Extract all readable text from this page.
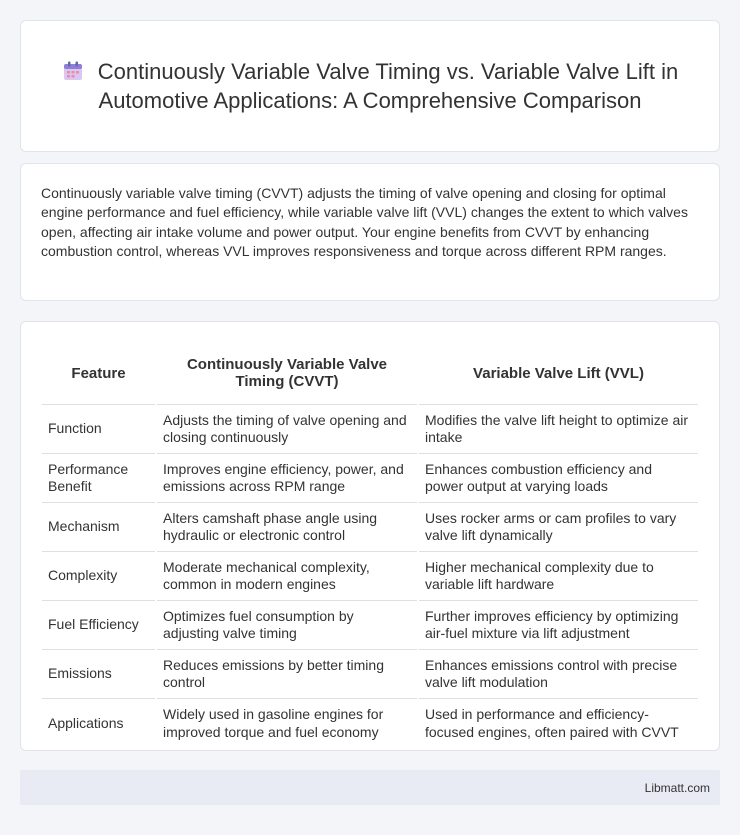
Continuously Variable Valve Timing vs. Variable Valve Lift in Automotive Applications: A Comprehensive Comparison

Continuously variable valve timing (CVVT) adjusts the timing of valve opening and closing for optimal engine performance and fuel efficiency, while variable valve lift (VVL) changes the extent to which valves open, affecting air intake volume and power output. Your engine benefits from CVVT by enhancing combustion control, whereas VVL improves responsiveness and torque across different RPM ranges.

Feature	Continuously Variable Valve Timing (CVVT)	Variable Valve Lift (VVL)
Function	Adjusts the timing of valve opening and closing continuously	Modifies the valve lift height to optimize air intake
Performance Benefit	Improves engine efficiency, power, and emissions across RPM range	Enhances combustion efficiency and power output at varying loads
Mechanism	Alters camshaft phase angle using hydraulic or electronic control	Uses rocker arms or cam profiles to vary valve lift dynamically
Complexity	Moderate mechanical complexity, common in modern engines	Higher mechanical complexity due to variable lift hardware
Fuel Efficiency	Optimizes fuel consumption by adjusting valve timing	Further improves efficiency by optimizing air-fuel mixture via lift adjustment
Emissions	Reduces emissions by better timing control	Enhances emissions control with precise valve lift modulation
Applications	Widely used in gasoline engines for improved torque and fuel economy	Used in performance and efficiency-focused engines, often paired with CVVT
Libmatt.com
